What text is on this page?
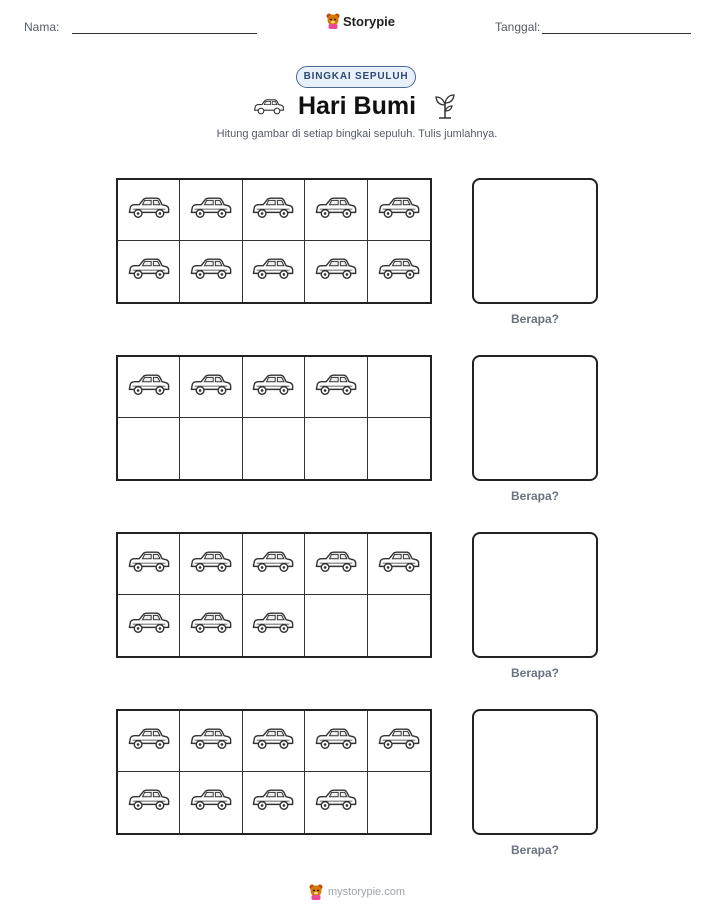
Nama:	Storypie	Tanggal:
BINGKAI SEPULUH
Hari Bumi
Hitung gambar di setiap bingkai sepuluh. Tulis jumlahnya.
Berapa?
Berapa?
Berapa?
Berapa?
mystorypie.com
